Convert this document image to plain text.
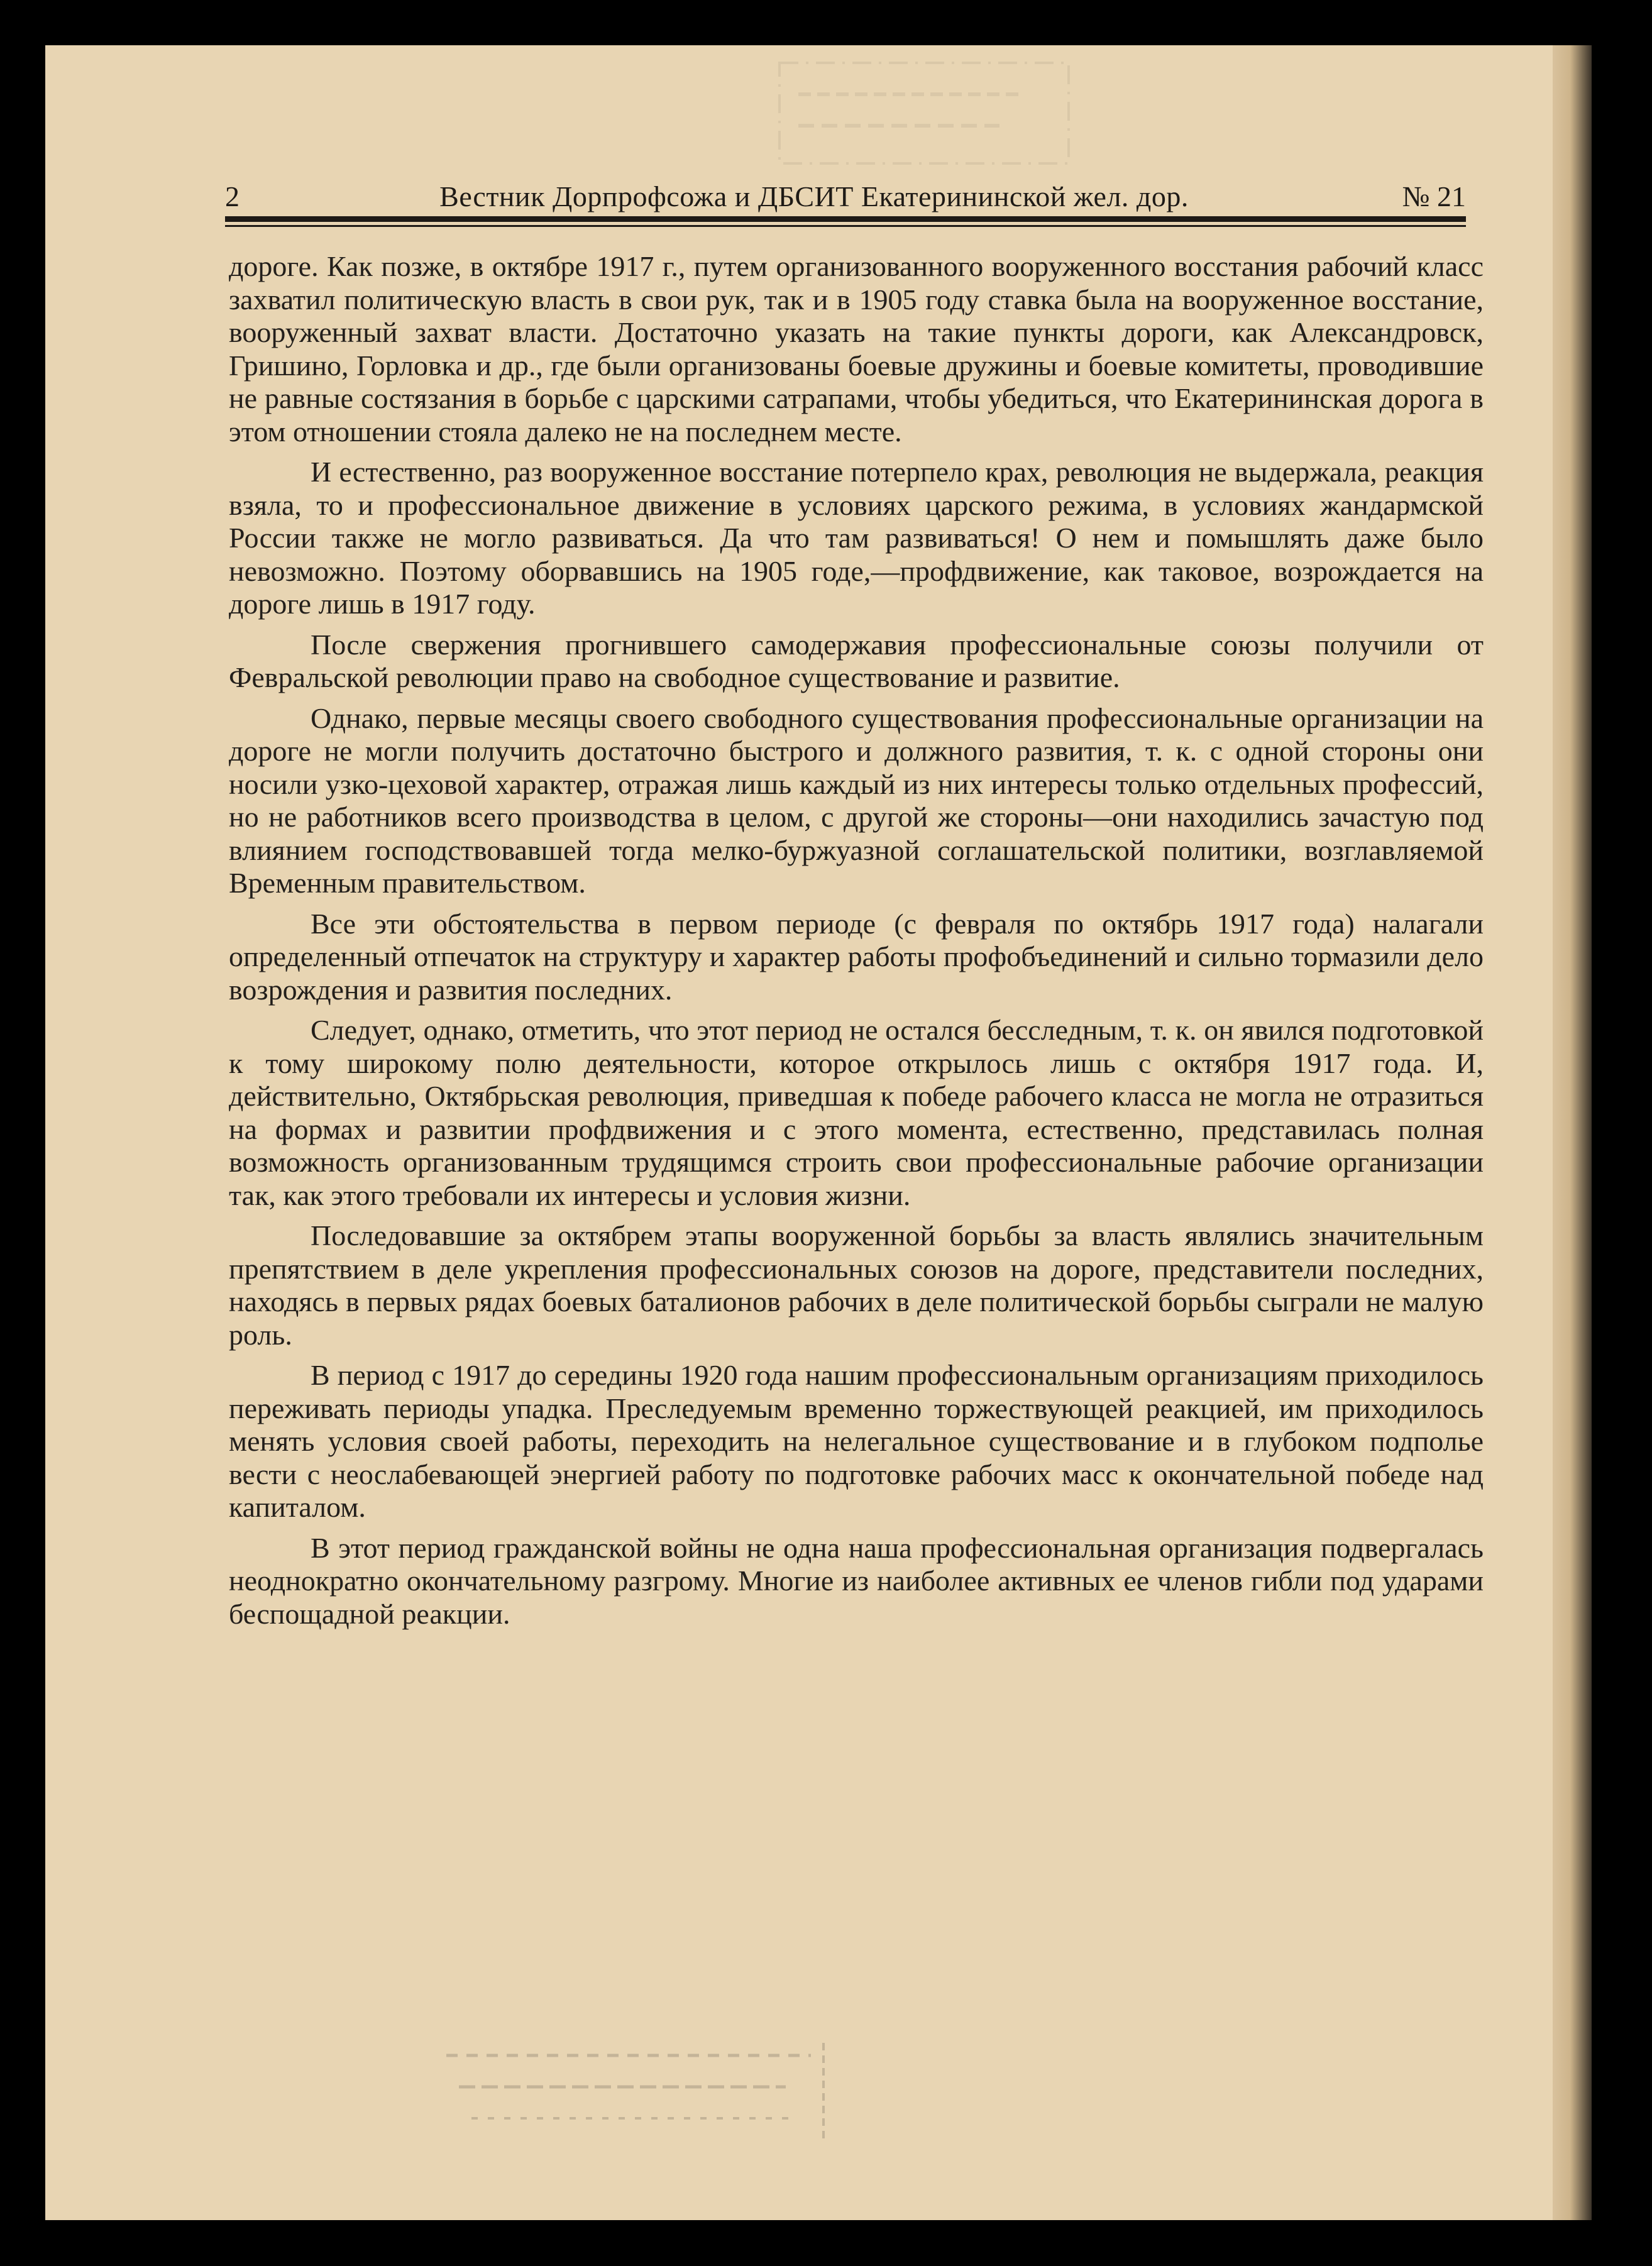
2	Вестник Дорпрофсожа и ДБСИТ Екатерининской жел. дор.	№ 21

дороге. Как позже, в октябре 1917 г., путем организованного вооруженного восстания рабочий класс захватил политическую власть в свои рук, так и в 1905 году ставка была на вооруженное восстание, вооруженный захват власти. Достаточно указать на такие пункты дороги, как Александровск, Гришино, Горловка и др., где были организованы боевые дружины и боевые комитеты, проводившие не равные состязания в борьбе с царскими сатрапами, чтобы убедиться, что Екатерининская дорога в этом отношении стояла далеко не на последнем месте.

И естественно, раз вооруженное восстание потерпело крах, революция не выдержала, реакция взяла, то и профессиональное движение в условиях царского режима, в условиях жандармской России также не могло развиваться. Да что там развиваться! О нем и помышлять даже было невозможно. Поэтому оборвавшись на 1905 годе,—профдвижение, как таковое, возрождается на дороге лишь в 1917 году.

После свержения прогнившего самодержавия профессиональные союзы получили от Февральской революции право на свободное существование и развитие.

Однако, первые месяцы своего свободного существования профессиональные организации на дороге не могли получить достаточно быстрого и должного развития, т. к. с одной стороны они носили узко-цеховой характер, отражая лишь каждый из них интересы только отдельных профессий, но не работников всего производства в целом, с другой же стороны—они находились зачастую под влиянием господствовавшей тогда мелко-буржуазной соглашательской политики, возглавляемой Временным правительством.

Все эти обстоятельства в первом периоде (с февраля по октябрь 1917 года) налагали определенный отпечаток на структуру и характер работы профобъединений и сильно тормазили дело возрождения и развития последних.

Следует, однако, отметить, что этот период не остался бесследным, т. к. он явился подготовкой к тому широкому полю деятельности, которое открылось лишь с октября 1917 года. И, действительно, Октябрьская революция, приведшая к победе рабочего класса не могла не отразиться на формах и развитии профдвижения и с этого момента, естественно, представилась полная возможность организованным трудящимся строить свои профессиональные рабочие организации так, как этого требовали их интересы и условия жизни.

Последовавшие за октябрем этапы вооруженной борьбы за власть являлись значительным препятствием в деле укрепления профессиональных союзов на дороге, представители последних, находясь в первых рядах боевых баталионов рабочих в деле политической борьбы сыграли не малую роль.

В период с 1917 до середины 1920 года нашим профессиональным организациям приходилось переживать периоды упадка. Преследуемым временно торжествующей реакцией, им приходилось менять условия своей работы, переходить на нелегальное существование и в глубоком подполье вести с неослабевающей энергией работу по подготовке рабочих масс к окончательной победе над капиталом.

В этот период гражданской войны не одна наша профессиональная организация подвергалась неоднократно окончательному разгрому. Многие из наиболее активных ее членов гибли под ударами беспощадной реакции.
